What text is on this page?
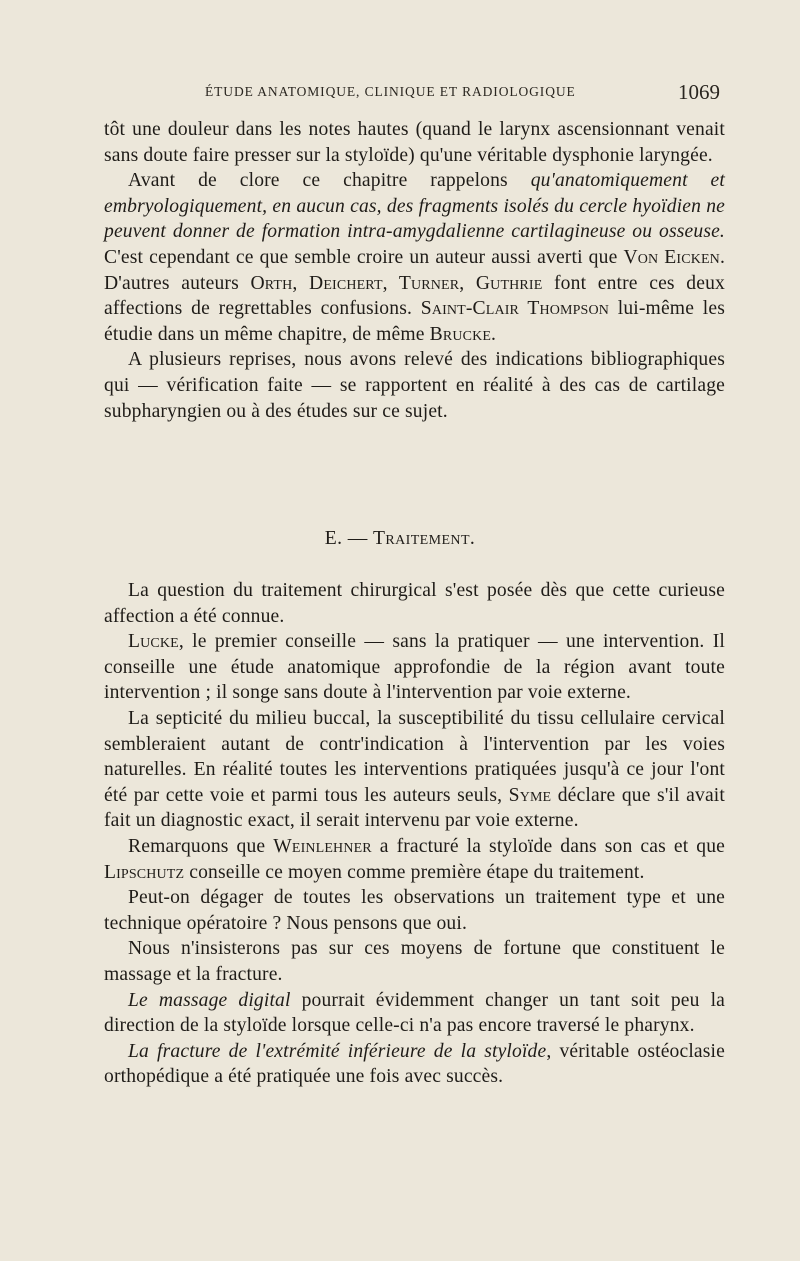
ÉTUDE ANATOMIQUE, CLINIQUE ET RADIOLOGIQUE	1069

tôt une douleur dans les notes hautes (quand le larynx ascensionnant venait sans doute faire presser sur la styloïde) qu'une véritable dysphonie laryngée.

Avant de clore ce chapitre rappelons qu'anatomiquement et embryologiquement, en aucun cas, des fragments isolés du cercle hyoïdien ne peuvent donner de formation intra-amygdalienne cartilagineuse ou osseuse. C'est cependant ce que semble croire un auteur aussi averti que Von Eicken. D'autres auteurs Orth, Deichert, Turner, Guthrie font entre ces deux affections de regrettables confusions. Saint-Clair Thompson lui-même les étudie dans un même chapitre, de même Brucke.

A plusieurs reprises, nous avons relevé des indications bibliographiques qui — vérification faite — se rapportent en réalité à des cas de cartilage subpharyngien ou à des études sur ce sujet.

E. — Traitement.

La question du traitement chirurgical s'est posée dès que cette curieuse affection a été connue.

Lucke, le premier conseille — sans la pratiquer — une intervention. Il conseille une étude anatomique approfondie de la région avant toute intervention ; il songe sans doute à l'intervention par voie externe.

La septicité du milieu buccal, la susceptibilité du tissu cellulaire cervical sembleraient autant de contr'indication à l'intervention par les voies naturelles. En réalité toutes les interventions pratiquées jusqu'à ce jour l'ont été par cette voie et parmi tous les auteurs seuls, Syme déclare que s'il avait fait un diagnostic exact, il serait intervenu par voie externe.

Remarquons que Weinlehner a fracturé la styloïde dans son cas et que Lipschutz conseille ce moyen comme première étape du traitement.

Peut-on dégager de toutes les observations un traitement type et une technique opératoire ? Nous pensons que oui.

Nous n'insisterons pas sur ces moyens de fortune que constituent le massage et la fracture.

Le massage digital pourrait évidemment changer un tant soit peu la direction de la styloïde lorsque celle-ci n'a pas encore traversé le pharynx.

La fracture de l'extrémité inférieure de la styloïde, véritable ostéoclasie orthopédique a été pratiquée une fois avec succès.
